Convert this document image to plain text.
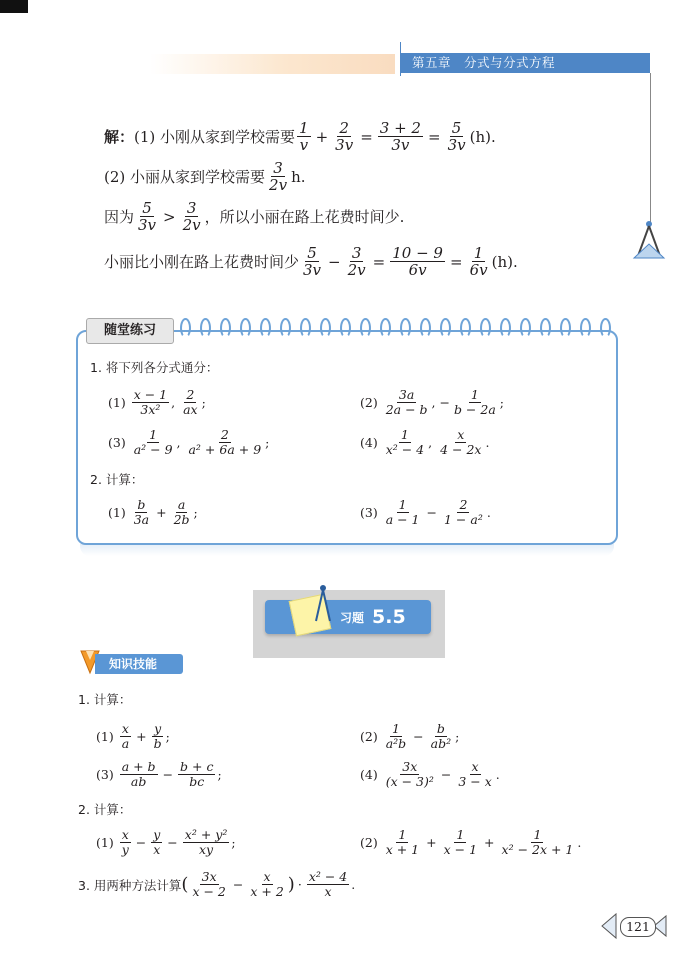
第五章　分式与分式方程
解： (1) 小刚从家到学校需要 $\frac{1}{v} + \frac{2}{3v} = \frac{3 + 2}{3v} = \frac{5}{3v} (h)$.
(2) 小丽从家到学校需要 $\frac{3}{2v} h$.
因为 $\frac{5}{3v} > \frac{3}{2v}$ ，所以小丽在路上花费时间少.
小丽比小刚在路上花费时间少 $\frac{5}{3v} - \frac{3}{2v} = \frac{10 - 9}{6v} = \frac{1}{6v} (h)$.
随堂练习
1. 将下列各分式通分：
$(1) \frac{x - 1}{\text{3x²}}$ , $\frac{2}{ax}$ ;	$(2) \frac{3a}{2a - b}$ , − $\frac{1}{b - 2a}$ ;
$(3) \frac{1}{\text{a² − 9}}$ , $\frac{2}{\text{a² + 6a + 9}}$ ;	$(4) \frac{1}{\text{x² − 4}}$ , $\frac{x}{4 - 2x}$ .
2. 计算：
$(1) \frac{b}{3a} + \frac{a}{2b}$ ;	$(3) \frac{1}{a - 1} - \frac{2}{\text{1 − a²}}$ .
习题 5.5
知识技能
1. 计算：
$(1) \frac{x}{a} + \frac{y}{b}$ ;	$(2) \frac{1}{\text{a²b}} - \frac{b}{\text{ab²}}$ ;
$(3) \frac{a + b}{ab} - \frac{b + c}{bc}$ ;	$(4) \frac{3x}{\text{(x − 3)²}} - \frac{x}{3 - x}$ .
2. 计算：
$(1) \frac{x}{y} - \frac{y}{x} - \frac{\text{x² + y²}}{xy}$ ;	$(2) \frac{1}{x + 1} + \frac{1}{x - 1} + \frac{1}{\text{x² − 2x + 1}}$ .
3. 用两种方法计算 ( $\frac{3x}{x - 2} - \frac{x}{x + 2}$ ) · $\frac{\text{x² − 4}}{x}$ .
121
